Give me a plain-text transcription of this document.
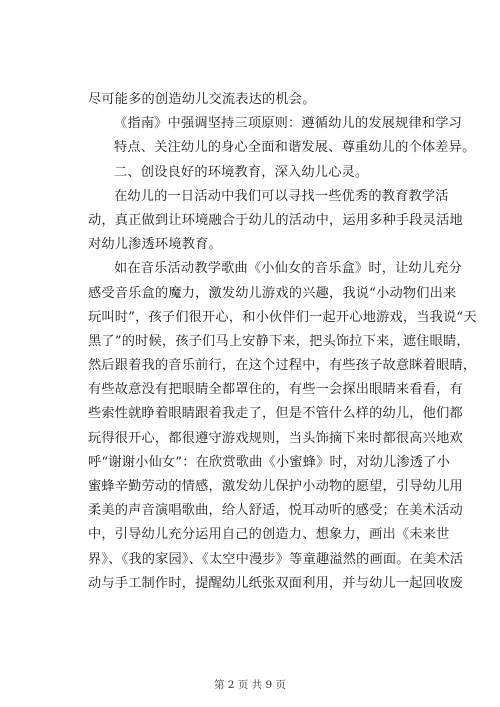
尽可能多的创造幼儿交流表达的机会。
《指南》中强调坚持三项原则：遵循幼儿的发展规律和学习
特点、关注幼儿的身心全面和谐发展、尊重幼儿的个体差异。
二、创设良好的环境教育，深入幼儿心灵。
在幼儿的一日活动中我们可以寻找一些优秀的教育教学活
动，真正做到让环境融合于幼儿的活动中，运用多种手段灵活地
对幼儿渗透环境教育。
如在音乐活动教学歌曲《小仙女的音乐盒》时，让幼儿充分
感受音乐盒的魔力，激发幼儿游戏的兴趣，我说“小动物们出来
玩叫时”，孩子们很开心，和小伙伴们一起开心地游戏，当我说“天
黑了”的时候，孩子们马上安静下来，把头饰拉下来，遮住眼睛，
然后跟着我的音乐前行，在这个过程中，有些孩子故意眯着眼睛，
有些故意没有把眼睛全都罩住的，有些一会探出眼睛来看看，有
些索性就睁着眼睛跟着我走了，但是不管什么样的幼儿，他们都
玩得很开心，都很遵守游戏规则，当头饰摘下来时都很高兴地欢
呼“谢谢小仙女”：在欣赏歌曲《小蜜蜂》时，对幼儿渗透了小
蜜蜂辛勤劳动的情感，激发幼儿保护小动物的愿望，引导幼儿用
柔美的声音演唱歌曲，给人舒适，悦耳动听的感受；在美术活动
中，引导幼儿充分运用自己的创造力、想象力，画出《未来世
界》、《我的家园》、《太空中漫步》等童趣溢然的画面。在美术活
动与手工制作时，提醒幼儿纸张双面利用，并与幼儿一起回收废
第 2 页 共 9 页
